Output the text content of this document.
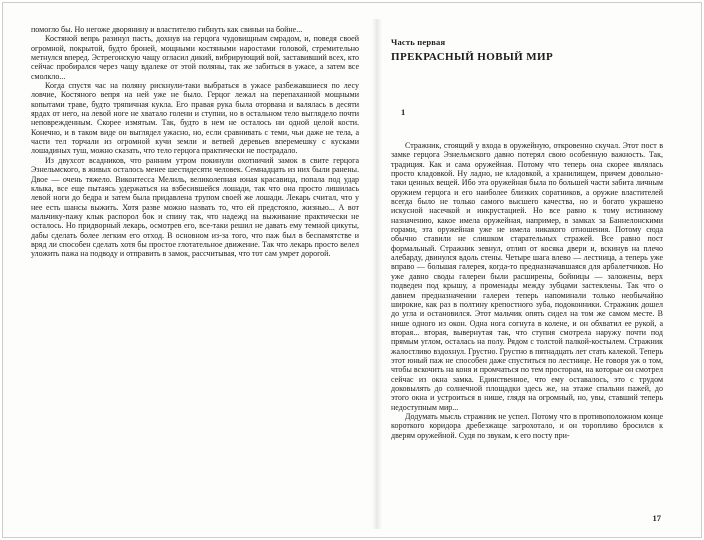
помогло бы. Но негоже дворянину и властителю гибнуть как свиньи на бойне...

Костяной вепрь разинул пасть, дохнув на герцога чудовищным смрадом, и, поведя своей огромной, покрытой, будто броней, мощными костяными наростами головой, стремительно метнулся вперед. Эстрегонскую чащу огласил дикий, вибрирующий вой, заставивший всех, кто сейчас пробирался через чащу вдалеке от этой поляны, так же забиться в ужасе, а затем все смолкло...

Когда спустя час на поляну рискнули-таки выбраться в ужасе разбежавшиеся по лесу ловчие, Костяного вепря на ней уже не было. Герцог лежал на перепаханной мощными копытами траве, будто тряпичная кукла. Его правая рука была оторвана и валялась в десяти ярдах от него, на левой ноге не хватало голени и ступни, но в остальном тело выглядело почти неповрежденным. Скорее измятым. Так, будто в нем не осталось ни одной целой кости. Конечно, и в таком виде он выглядел ужасно, но, если сравнивать с теми, чьи даже не тела, а части тел торчали из огромной кучи земли и ветвей деревьев вперемешку с кусками лошадиных туш, можно сказать, что тело герцога практически не пострадало.

Из двухсот всадников, что ранним утром покинули охотничий замок в свите герцога Эзнельмского, в живых осталось менее шестидесяти человек. Семнадцать из них были ранены. Двое — очень тяжело. Виконтесса Мелиль, великолепная юная красавица, попала под удар клыка, все еще пытаясь удержаться на взбесившейся лошади, так что она просто лишилась левой ноги до бедра и затем была придавлена трупом своей же лошади. Лекарь считал, что у нее есть шансы выжить. Хотя разве можно назвать то, что ей предстояло, жизнью... А вот мальчику-пажу клык распорол бок и спину так, что надежд на выживание практически не осталось. Но придворный лекарь, осмотрев его, все-таки решил не давать ему темной цикуты, дабы сделать более легким его отход. В основном из-за того, что паж был в беспамятстве и вряд ли способен сделать хотя бы простое глотательное движение. Так что лекарь просто велел уложить пажа на подводу и отправить в замок, рассчитывая, что тот сам умрет дорогой.

Часть первая
ПРЕКРАСНЫЙ НОВЫЙ МИР
1

Стражник, стоящий у входа в оружейную, откровенно скучал. Этот пост в замке герцога Эзнельмского давно потерял свою особенную важность. Так, традиция. Как и сама оружейная. Потому что теперь она скорее являлась просто кладовкой. Ну ладно, не кладовкой, а хранилищем, причем довольно-таки ценных вещей. Ибо эта оружейная была по большей части забита личным оружием герцога и его наиболее близких соратников, а оружие властителей всегда было не только самого высшего качества, но и богато украшено искусной насечкой и инкрустацией. Но все равно к тому истинному назначению, какое имела оружейная, например, в замках за Баннелонскими горами, эта оружейная уже не имела никакого отношения. Потому сюда обычно ставили не слишком старательных стражей. Все равно пост формальный. Стражник зевнул, отлип от косяка двери и, вскинув на плечо алебарду, двинулся вдоль стены. Четыре шага влево — лестница, а теперь уже вправо — большая галерея, когда-то предназначавшаяся для арбалетчиков. Но уже давно своды галереи были расширены, бойницы — заложены, верх подведен под крышу, а променады между зубцами застеклены. Так что о давнем предназначении галереи теперь напоминали только необычайно широкие, как раз в полтину крепостного зуба, подоконники. Стражник дошел до угла и остановился. Этот мальчик опять сидел на том же самом месте. В нише одного из окон. Одна нога согнута в колене, и он обхватил ее рукой, а вторая... вторая, вывернутая так, что ступня смотрела наружу почти под прямым углом, осталась на полу. Рядом с толстой палкой-костылем. Стражник жалостливо вздохнул. Грустно. Грустно в пятнадцать лет стать калекой. Теперь этот юный паж не способен даже спуститься по лестнице. Не говоря уж о том, чтобы вскочить на коня и промчаться по тем просторам, на которые он смотрел сейчас из окна замка. Единственное, что ему оставалось, это с трудом доковылять до солнечной площадки здесь же, на этаже спальни пажей, до этого окна и устроиться в нише, глядя на огромный, но, увы, ставший теперь недоступным мир...

Додумать мысль стражник не успел. Потому что в противоположном конце короткого коридора дребезжаще загрохотало, и он торопливо бросился к дверям оружейной. Судя по звукам, к его посту при-

17
